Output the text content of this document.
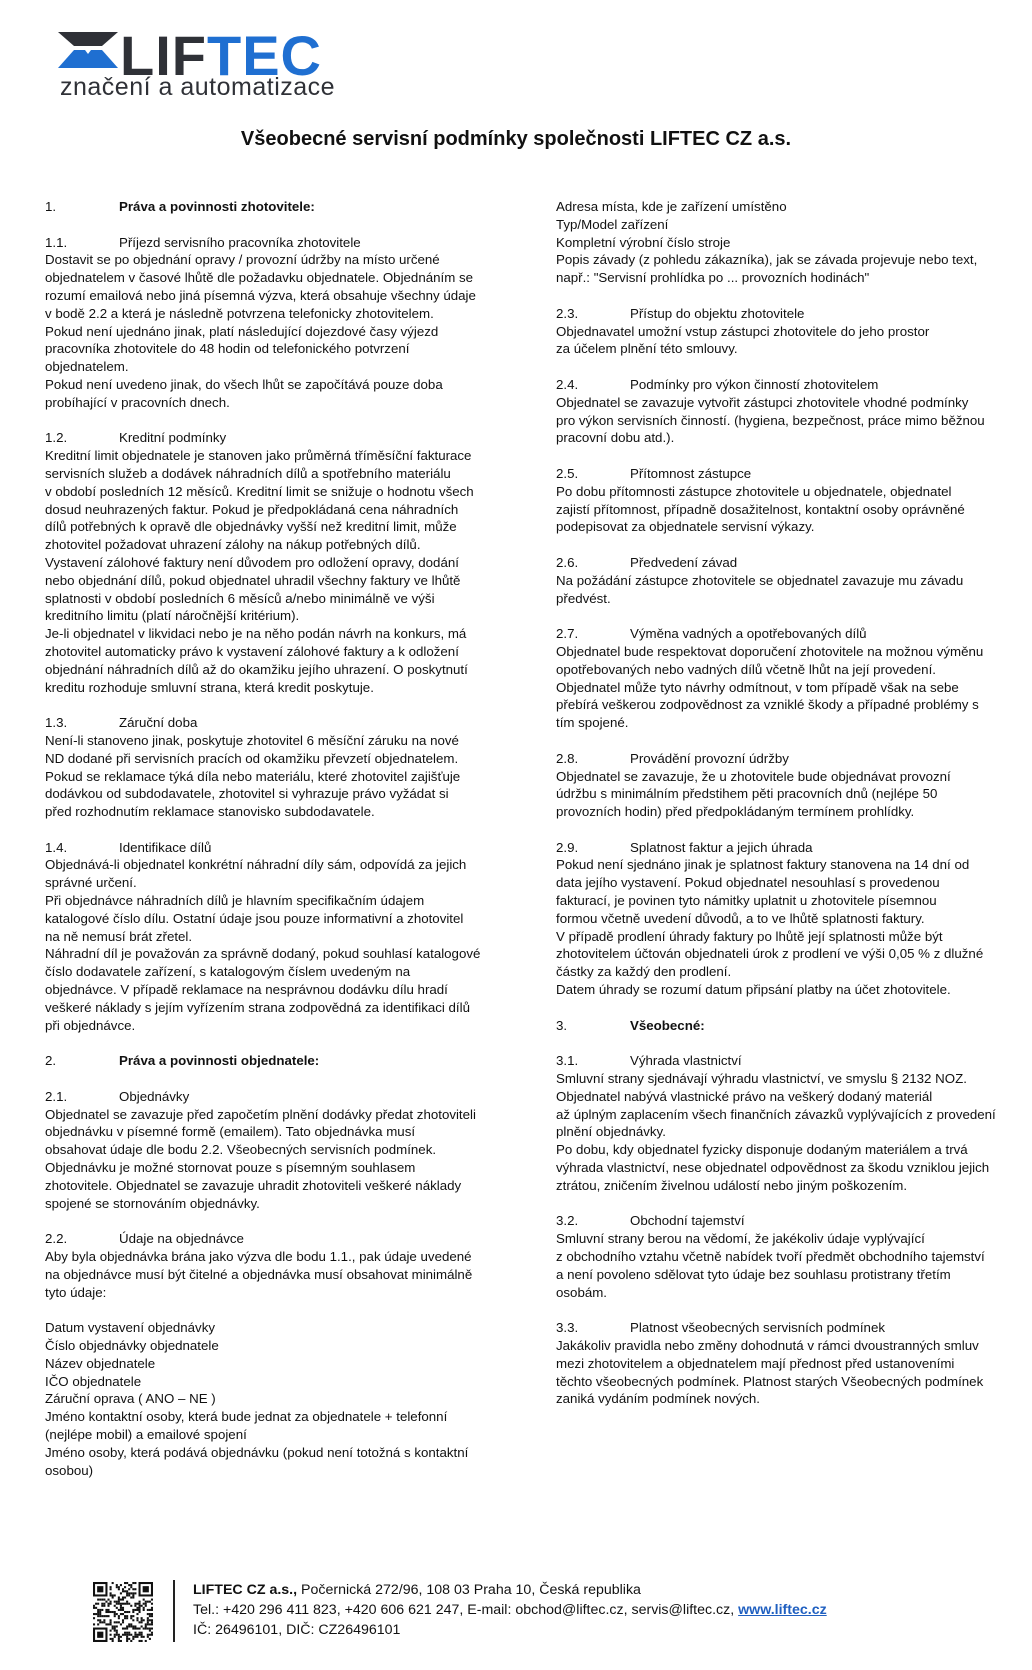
LIFTEC
značení a automatizace
Všeobecné servisní podmínky společnosti LIFTEC CZ a.s.
1.	Práva a povinnosti zhotovitele:
1.1.	Příjezd servisního pracovníka zhotovitele
Dostavit se po objednání opravy / provozní údržby na místo určené
objednatelem v časové lhůtě dle požadavku objednatele. Objednáním se
rozumí emailová nebo jiná písemná výzva, která obsahuje všechny údaje
v bodě 2.2 a která je následně potvrzena telefonicky zhotovitelem.
Pokud není ujednáno jinak, platí následující dojezdové časy výjezd
pracovníka zhotovitele do 48 hodin od telefonického potvrzení
objednatelem.
Pokud není uvedeno jinak, do všech lhůt se započítává pouze doba
probíhající v pracovních dnech.
1.2.	Kreditní podmínky
Kreditní limit objednatele je stanoven jako průměrná tříměsíční fakturace
servisních služeb a dodávek náhradních dílů a spotřebního materiálu
v období posledních 12 měsíců. Kreditní limit se snižuje o hodnotu všech
dosud neuhrazených faktur. Pokud je předpokládaná cena náhradních
dílů potřebných k opravě dle objednávky vyšší než kreditní limit, může
zhotovitel požadovat uhrazení zálohy na nákup potřebných dílů.
Vystavení zálohové faktury není důvodem pro odložení opravy, dodání
nebo objednání dílů, pokud objednatel uhradil všechny faktury ve lhůtě
splatnosti v období posledních 6 měsíců a/nebo minimálně ve výši
kreditního limitu (platí náročnější kritérium).
Je-li objednatel v likvidaci nebo je na něho podán návrh na konkurs, má
zhotovitel automaticky právo k vystavení zálohové faktury a k odložení
objednání náhradních dílů až do okamžiku jejího uhrazení. O poskytnutí
kreditu rozhoduje smluvní strana, která kredit poskytuje.
1.3.	Záruční doba
Není-li stanoveno jinak, poskytuje zhotovitel 6 měsíční záruku na nové
ND dodané při servisních pracích od okamžiku převzetí objednatelem.
Pokud se reklamace týká díla nebo materiálu, které zhotovitel zajišťuje
dodávkou od subdodavatele, zhotovitel si vyhrazuje právo vyžádat si
před rozhodnutím reklamace stanovisko subdodavatele.
1.4.	Identifikace dílů
Objednává-li objednatel konkrétní náhradní díly sám, odpovídá za jejich
správné určení.
Při objednávce náhradních dílů je hlavním specifikačním údajem
katalogové číslo dílu. Ostatní údaje jsou pouze informativní a zhotovitel
na ně nemusí brát zřetel.
Náhradní díl je považován za správně dodaný, pokud souhlasí katalogové
číslo dodavatele zařízení, s katalogovým číslem uvedeným na
objednávce. V případě reklamace na nesprávnou dodávku dílu hradí
veškeré náklady s jejím vyřízením strana zodpovědná za identifikaci dílů
při objednávce.
2.	Práva a povinnosti objednatele:
2.1.	Objednávky
Objednatel se zavazuje před započetím plnění dodávky předat zhotoviteli
objednávku v písemné formě (emailem). Tato objednávka musí
obsahovat údaje dle bodu 2.2. Všeobecných servisních podmínek.
Objednávku je možné stornovat pouze s písemným souhlasem
zhotovitele. Objednatel se zavazuje uhradit zhotoviteli veškeré náklady
spojené se stornováním objednávky.
2.2.	Údaje na objednávce
Aby byla objednávka brána jako výzva dle bodu 1.1., pak údaje uvedené
na objednávce musí být čitelné a objednávka musí obsahovat minimálně
tyto údaje:

Datum vystavení objednávky
Číslo objednávky objednatele
Název objednatele
IČO objednatele
Záruční oprava ( ANO – NE )
Jméno kontaktní osoby, která bude jednat za objednatele + telefonní
(nejlépe mobil) a emailové spojení
Jméno osoby, která podává objednávku (pokud není totožná s kontaktní
osobou)
Adresa místa, kde je zařízení umístěno
Typ/Model zařízení
Kompletní výrobní číslo stroje
Popis závady (z pohledu zákazníka), jak se závada projevuje nebo text,
např.: "Servisní prohlídka po ... provozních hodinách"
2.3.	Přístup do objektu zhotovitele
Objednavatel umožní vstup zástupci zhotovitele do jeho prostor
za účelem plnění této smlouvy.
2.4.	Podmínky pro výkon činností zhotovitelem
Objednatel se zavazuje vytvořit zástupci zhotovitele vhodné podmínky
pro výkon servisních činností. (hygiena, bezpečnost, práce mimo běžnou
pracovní dobu atd.).
2.5.	Přítomnost zástupce
Po dobu přítomnosti zástupce zhotovitele u objednatele, objednatel
zajistí přítomnost, případně dosažitelnost, kontaktní osoby oprávněné
podepisovat za objednatele servisní výkazy.
2.6.	Předvedení závad
Na požádání zástupce zhotovitele se objednatel zavazuje mu závadu
předvést.
2.7.	Výměna vadných a opotřebovaných dílů
Objednatel bude respektovat doporučení zhotovitele na možnou výměnu
opotřebovaných nebo vadných dílů včetně lhůt na její provedení.
Objednatel může tyto návrhy odmítnout, v tom případě však na sebe
přebírá veškerou zodpovědnost za vzniklé škody a případné problémy s
tím spojené.
2.8.	Provádění provozní údržby
Objednatel se zavazuje, že u zhotovitele bude objednávat provozní
údržbu s minimálním předstihem pěti pracovních dnů (nejlépe 50
provozních hodin) před předpokládaným termínem prohlídky.
2.9.	Splatnost faktur a jejich úhrada
Pokud není sjednáno jinak je splatnost faktury stanovena na 14 dní od
data jejího vystavení. Pokud objednatel nesouhlasí s provedenou
fakturací, je povinen tyto námitky uplatnit u zhotovitele písemnou
formou včetně uvedení důvodů, a to ve lhůtě splatnosti faktury.
V případě prodlení úhrady faktury po lhůtě její splatnosti může být
zhotovitelem účtován objednateli úrok z prodlení ve výši 0,05 % z dlužné
částky za každý den prodlení.
Datem úhrady se rozumí datum připsání platby na účet zhotovitele.
3.	Všeobecné:
3.1.	Výhrada vlastnictví
Smluvní strany sjednávají výhradu vlastnictví, ve smyslu § 2132 NOZ.
Objednatel nabývá vlastnické právo na veškerý dodaný materiál
až úplným zaplacením všech finančních závazků vyplývajících z provedení
plnění objednávky.
Po dobu, kdy objednatel fyzicky disponuje dodaným materiálem a trvá
výhrada vlastnictví, nese objednatel odpovědnost za škodu vzniklou jejich
ztrátou, zničením živelnou událostí nebo jiným poškozením.
3.2.	Obchodní tajemství
Smluvní strany berou na vědomí, že jakékoliv údaje vyplývající
z obchodního vztahu včetně nabídek tvoří předmět obchodního tajemství
a není povoleno sdělovat tyto údaje bez souhlasu protistrany třetím
osobám.
3.3.	Platnost všeobecných servisních podmínek
Jakákoliv pravidla nebo změny dohodnutá v rámci dvoustranných smluv
mezi zhotovitelem a objednatelem mají přednost před ustanoveními
těchto všeobecných podmínek. Platnost starých Všeobecných podmínek
zaniká vydáním podmínek nových.
LIFTEC CZ a.s., Počernická 272/96, 108 03 Praha 10, Česká republika
Tel.: +420 296 411 823, +420 606 621 247, E-mail: obchod@liftec.cz, servis@liftec.cz, www.liftec.cz
IČ: 26496101, DIČ: CZ26496101
